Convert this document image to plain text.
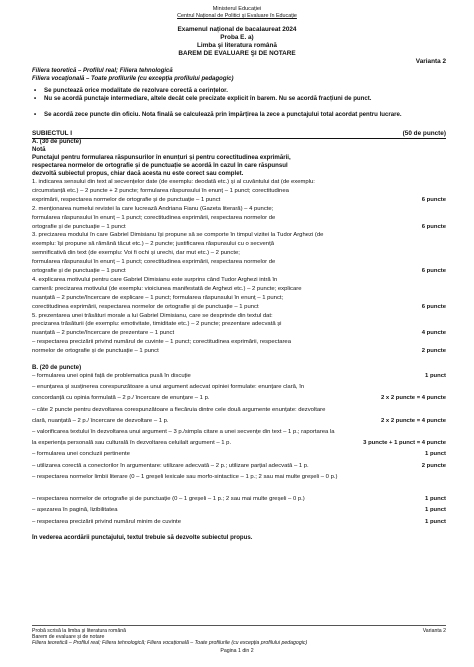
Ministerul Educației
Centrul Național de Politici și Evaluare în Educație
Examenul național de bacalaureat 2024
Proba E. a)
Limba şi literatura română
BAREM DE EVALUARE ŞI DE NOTARE
Varianta 2
Filiera teoretică – Profilul real; Filiera tehnologică
Filiera vocaţională – Toate profilurile (cu excepția profilului pedagogic)
• Se punctează orice modalitate de rezolvare corectă a cerințelor.
• Nu se acordă punctaje intermediare, altele decât cele precizate explicit în barem. Nu se acordă fracțiuni de punct.
• Se acordă zece puncte din oficiu. Nota finală se calculează prin împărțirea la zece a punctajului total acordat pentru lucrare.
SUBIECTUL I	(50 de puncte)
A. (30 de puncte)
Notă
Punctajul pentru formularea răspunsurilor în enunțuri și pentru corectitudinea exprimării,
respectarea normelor de ortografie și de punctuație se acordă în cazul în care răspunsul
dezvoltă subiectul propus, chiar dacă acesta nu este corect sau complet.
1. indicarea sensului din text al secvențelor date (de exemplu: deodată etc.) și al cuvântului dat (de exemplu:
circumstanță etc.) – 2 puncte + 2 puncte; formularea răspunsului în enunț – 1 punct; corectitudinea
exprimării, respectarea normelor de ortografie și de punctuație – 1 punct	6 puncte
2. menționarea numelui revistei la care lucrează Andriana Fianu (Gazeta literară) – 4 puncte;
formularea răspunsului în enunț – 1 punct; corectitudinea exprimării, respectarea normelor de
ortografie și de punctuație – 1 punct	6 puncte
3. precizarea modului în care Gabriel Dimisianu își propune să se comporte în timpul vizitei la Tudor Arghezi (de
exemplu: își propune să rămână tăcut etc.) – 2 puncte; justificarea răspunsului cu o secvență
semnificativă din text (de exemplu: Voi fi ochi și urechi, dar mut etc.) – 2 puncte;
formularea răspunsului în enunț – 1 punct; corectitudinea exprimării, respectarea normelor de
ortografie și de punctuație – 1 punct	6 puncte
4. explicarea motivului pentru care Gabriel Dimisianu este surprins când Tudor Arghezi intră în
cameră: precizarea motivului (de exemplu: vioiciunea manifestată de Arghezi etc.) – 2 puncte; explicare
nuanțată – 2 puncte/încercare de explicare – 1 punct; formularea răspunsului în enunț – 1 punct;
corectitudinea exprimării, respectarea normelor de ortografie și de punctuație – 1 punct	6 puncte
5. prezentarea unei trăsături morale a lui Gabriel Dimisianu, care se desprinde din textul dat:
precizarea trăsăturii (de exemplu: emotivitate, timiditate etc.) – 2 puncte; prezentare adecvată și
nuanțată – 2 puncte/încercare de prezentare – 1 punct	4 puncte
– respectarea precizării privind numărul de cuvinte – 1 punct; corectitudinea exprimării, respectarea
normelor de ortografie și de punctuație – 1 punct	2 puncte
B. (20 de puncte)
– formularea unei opinii față de problematica pusă în discuție	1 punct
– enunțarea și susținerea corespunzătoare a unui argument adecvat opiniei formulate: enunțare clară, în
concordanță cu opinia formulată – 2 p./ încercare de enunțare – 1 p.	2 x 2 puncte = 4 puncte
– câte 2 puncte pentru dezvoltarea corespunzătoare a fiecăruia dintre cele două argumente enunțate: dezvoltare
clară, nuanțată – 2 p./ încercare de dezvoltare – 1 p.	2 x 2 puncte = 4 puncte
– valorificarea textului în dezvoltarea unui argument – 3 p./simpla citare a unei secvențe din text – 1 p.; raportarea la
la experiența personală sau culturală în dezvoltarea celuilalt argument – 1 p.	3 puncte + 1 punct = 4 puncte
– formularea unei concluzii pertinente	1 punct
– utilizarea corectă a conectorilor în argumentare: utilizare adecvată – 2 p.; utilizare parțial adecvată – 1 p.	2 puncte
– respectarea normelor limbii literare (0 – 1 greșeli lexicale sau morfo-sintactice – 1 p.; 2 sau mai multe greșeli – 0 p.)
– respectarea normelor de ortografie și de punctuație (0 – 1 greșeli – 1 p.; 2 sau mai multe greșeli – 0 p.)	1 punct
– așezarea în pagină, lizibilitatea	1 punct
– respectarea precizării privind numărul minim de cuvinte	1 punct
În vederea acordării punctajului, textul trebuie să dezvolte subiectul propus.
Probă scrisă la limba și literatura română	Varianta 2
Barem de evaluare și de notare
Filiera teoretică – Profilul real; Filiera tehnologică; Filiera vocațională – Toate profilurile (cu excepția profilului pedagogic)
Pagina 1 din 2
